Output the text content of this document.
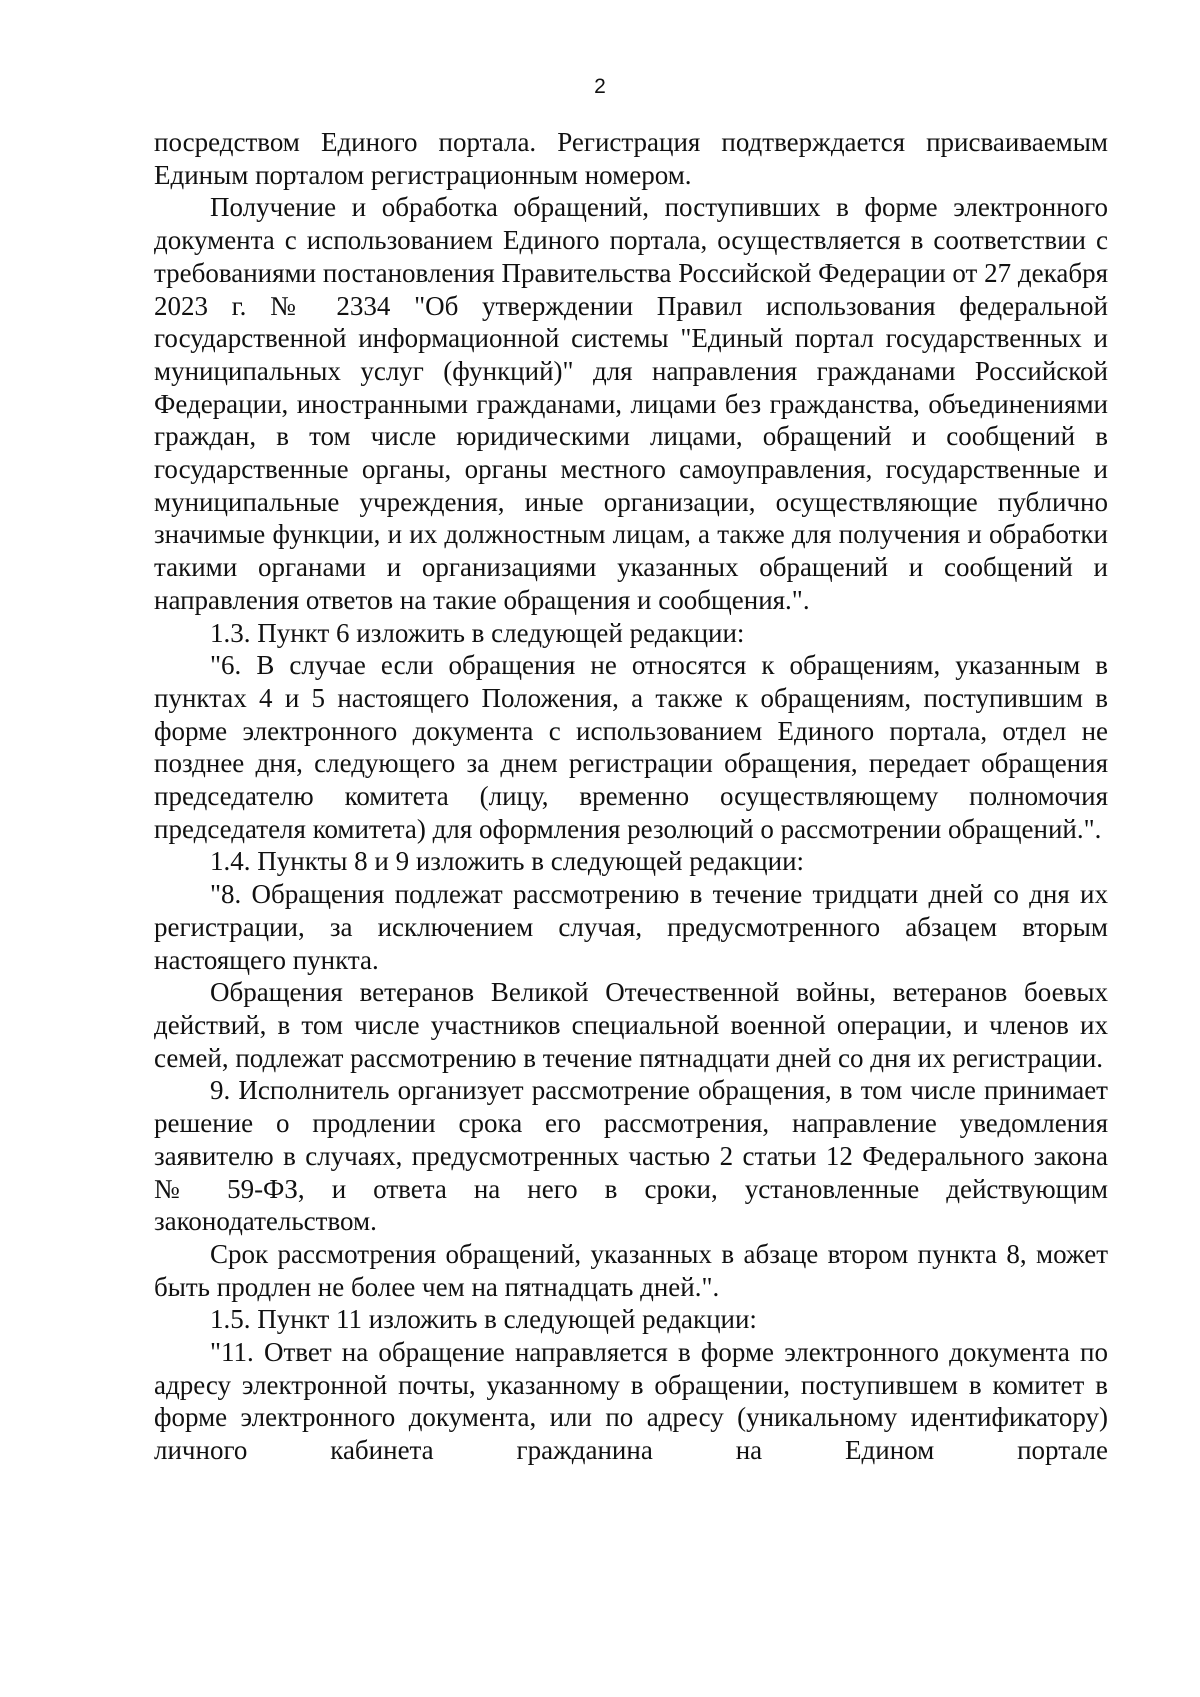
2

посредством Единого портала. Регистрация подтверждается присваиваемым Единым порталом регистрационным номером.

Получение и обработка обращений, поступивших в форме электронного документа с использованием Единого портала, осуществляется в соответствии с требованиями постановления Правительства Российской Федерации от 27 декабря 2023 г. № 2334 "Об утверждении Правил использования федеральной государственной информационной системы "Единый портал государственных и муниципальных услуг (функций)" для направления гражданами Российской Федерации, иностранными гражданами, лицами без гражданства, объединениями граждан, в том числе юридическими лицами, обращений и сообщений в государственные органы, органы местного самоуправления, государственные и муниципальные учреждения, иные организации, осуществляющие публично значимые функции, и их должностным лицам, а также для получения и обработки такими органами и организациями указанных обращений и сообщений и направления ответов на такие обращения и сообщения.".

1.3. Пункт 6 изложить в следующей редакции:

"6. В случае если обращения не относятся к обращениям, указанным в пунктах 4 и 5 настоящего Положения, а также к обращениям, поступившим в форме электронного документа с использованием Единого портала, отдел не позднее дня, следующего за днем регистрации обращения, передает обращения председателю комитета (лицу, временно осуществляющему полномочия председателя комитета) для оформления резолюций о рассмотрении обращений.".

1.4. Пункты 8 и 9 изложить в следующей редакции:

"8. Обращения подлежат рассмотрению в течение тридцати дней со дня их регистрации, за исключением случая, предусмотренного абзацем вторым настоящего пункта.

Обращения ветеранов Великой Отечественной войны, ветеранов боевых действий, в том числе участников специальной военной операции, и членов их семей, подлежат рассмотрению в течение пятнадцати дней со дня их регистрации.

9. Исполнитель организует рассмотрение обращения, в том числе принимает решение о продлении срока его рассмотрения, направление уведомления заявителю в случаях, предусмотренных частью 2 статьи 12 Федерального закона № 59-ФЗ, и ответа на него в сроки, установленные действующим законодательством.

Срок рассмотрения обращений, указанных в абзаце втором пункта 8, может быть продлен не более чем на пятнадцать дней.".

1.5. Пункт 11 изложить в следующей редакции:

"11. Ответ на обращение направляется в форме электронного документа по адресу электронной почты, указанному в обращении, поступившем в комитет в форме электронного документа, или по адресу (уникальному идентификатору) личного кабинета гражданина на Едином портале
